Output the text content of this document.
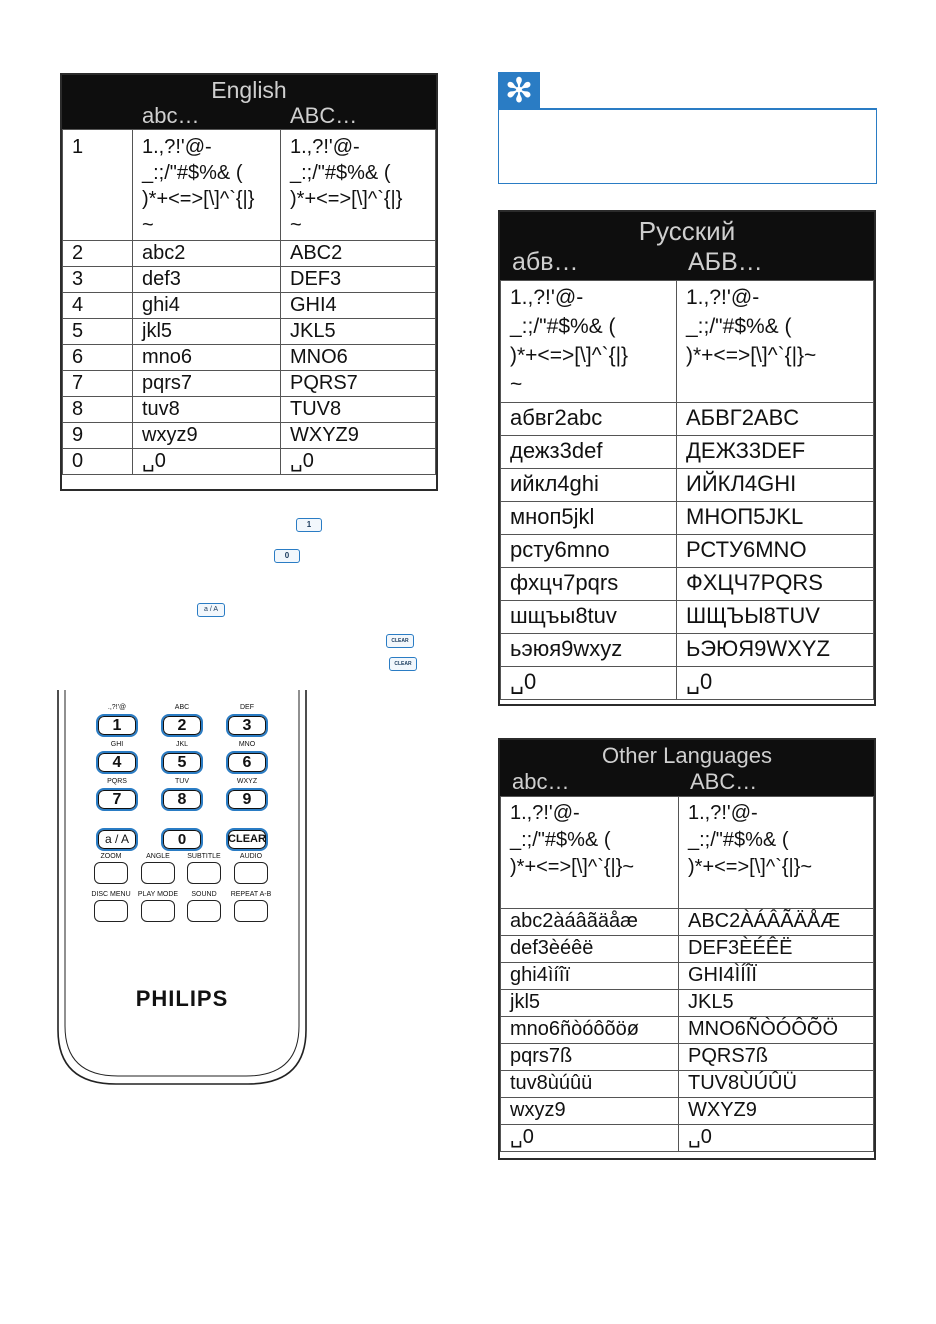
English
abc…	ABC…
1	1.,?!'@-
_:;/"#$%& (
)*+<=>[\]^`{|}
~	1.,?!'@-
_:;/"#$%& (
)*+<=>[\]^`{|}
~

2	abc2	ABC2
3	def3	DEF3
4	ghi4	GHI4
5	jkl5	JKL5
6	mno6	MNO6
7	pqrs7	PQRS7
8	tuv8	TUV8
9	wxyz9	WXYZ9
0	␣0	␣0
✻
Русский
абв…	АБВ…
1.,?!'@-
_:;/"#$%& (
)*+<=>[\]^`{|}
~	1.,?!'@-
_:;/"#$%& (
)*+<=>[\]^`{|}~

абвг2abc	АБВГ2ABC
дежз3def	ДЕЖЗ3DEF
ийкл4ghi	ИЙКЛ4GHI
мноп5jkl	МНОП5JKL
рсту6mno	РСТУ6MNO
фхцч7pqrs	ФХЦЧ7PQRS
шщъы8tuv	ШЩЪЫ8TUV
ьэюя9wxyz	ЬЭЮЯ9WXYZ
␣0	␣0
Other Languages
abc…	ABC…
1.,?!'@-
_:;/"#$%& (
)*+<=>[\]^`{|}~	1.,?!'@-
_:;/"#$%& (
)*+<=>[\]^`{|}~

abc2àáâãäåæ	ABC2ÀÁÂÃÄÅÆ
def3èéêë	DEF3ÈÉÊË
ghi4ìíîï	GHI4ÌÍÎÏ
jkl5	JKL5
mno6ñòóôõöø	MNO6ÑÒÓÔÕÖ
pqrs7ß	PQRS7ß
tuv8ùúûü	TUV8ÙÚÛÜ
wxyz9	WXYZ9
␣0	␣0
1
0
a / A
CLEAR
CLEAR
.,?!'@
1
ABC
2
DEF
3
GHI
4
JKL
5
MNO
6
PQRS
7
TUV
8
WXYZ
9
a / A	0	CLEAR
ZOOM	ANGLE	SUBTITLE	AUDIO
DISC MENU	PLAY MODE	SOUND	REPEAT A-B
PHILIPS
